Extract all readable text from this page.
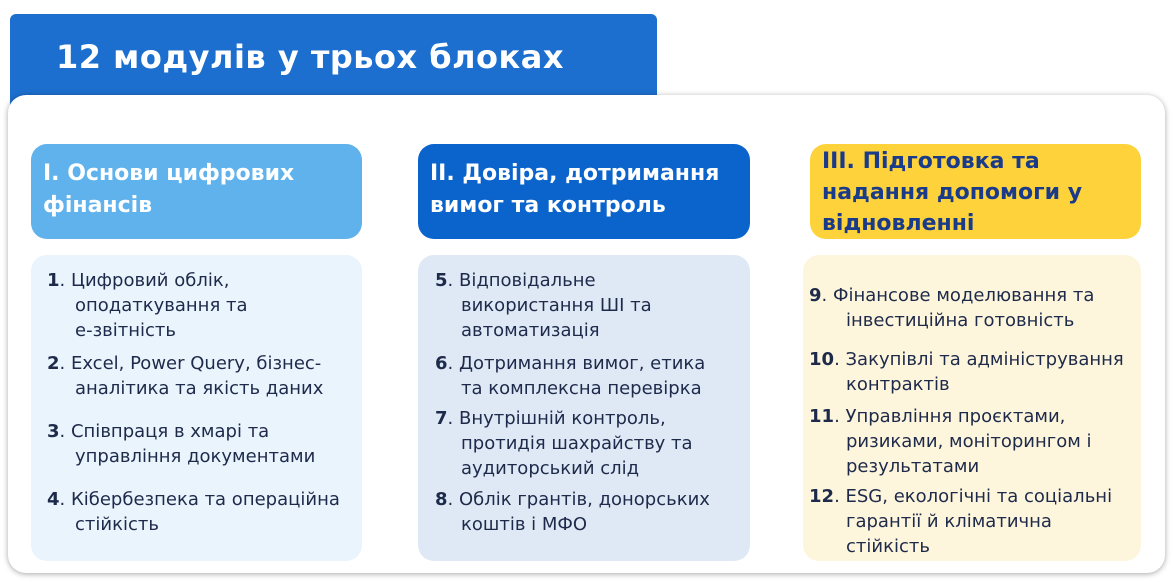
12 модулів у трьох блоках
I. Основи цифрових
фінансів
II. Довіра, дотримання
вимог та контроль
III. Підготовка та
надання допомоги у
відновленні
1. Цифровий облік,
оподаткування та
е-звітність
2. Excel, Power Query, бізнес-
аналітика та якість даних
3. Співпраця в хмарі та
управління документами
4. Кібербезпека та операційна
стійкість
5. Відповідальне
використання ШІ та
автоматизація
6. Дотримання вимог, етика
та комплексна перевірка
7. Внутрішній контроль,
протидія шахрайству та
аудиторський слід
8. Облік грантів, донорських
коштів і МФО
9. Фінансове моделювання та
інвестиційна готовність
10. Закупівлі та адміністрування
контрактів
11. Управління проєктами,
ризиками, моніторингом і
результатами
12. ESG, екологічні та соціальні
гарантії й кліматична
стійкість
